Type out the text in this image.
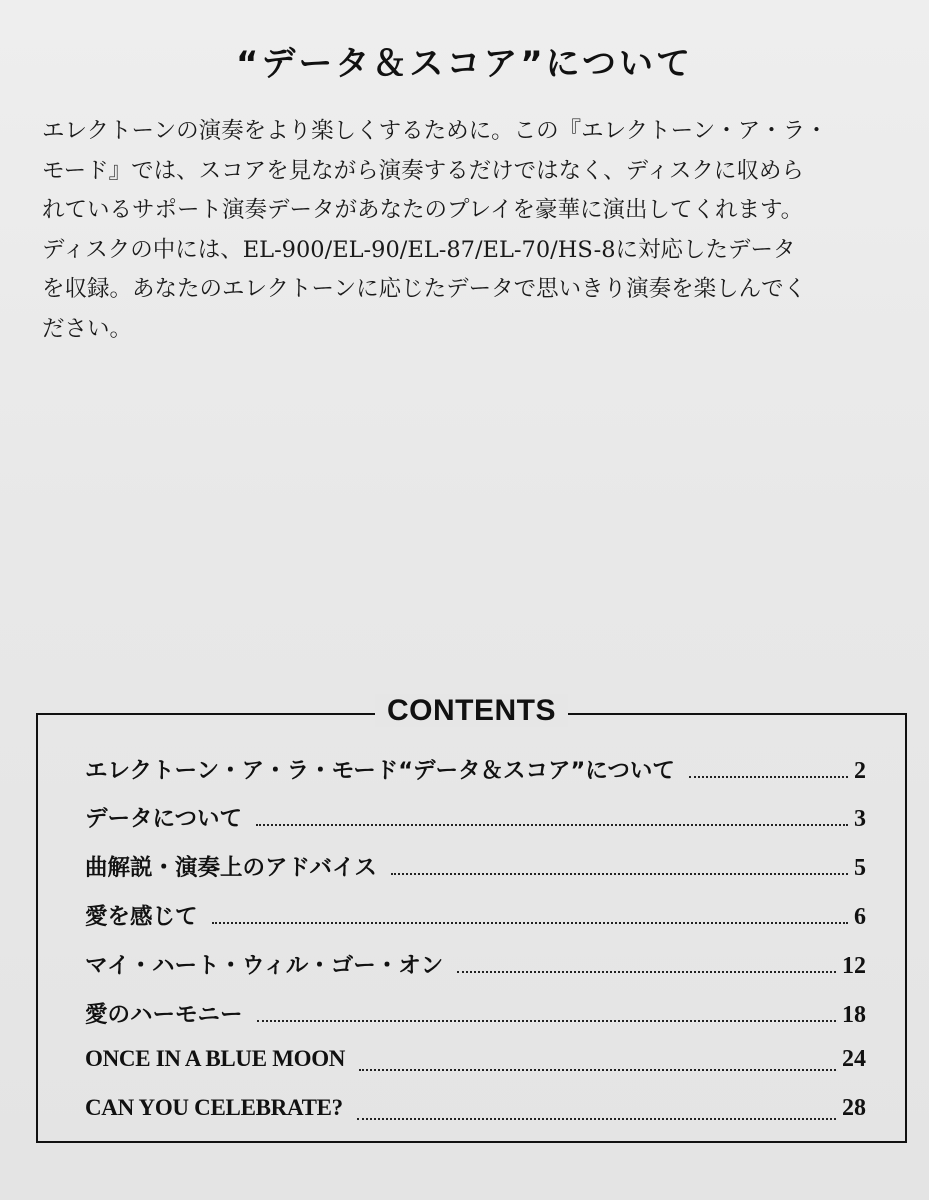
“データ＆スコア”について
エレクトーンの演奏をより楽しくするために。この『エレクトーン・ア・ラ・
モード』では、スコアを見ながら演奏するだけではなく、ディスクに収めら
れているサポート演奏データがあなたのプレイを豪華に演出してくれます。
ディスクの中には、EL-900/EL-90/EL-87/EL-70/HS-8に対応したデータ
を収録。あなたのエレクトーンに応じたデータで思いきり演奏を楽しんでく
ださい。
CONTENTS
エレクトーン・ア・ラ・モード“データ＆スコア”について	2
データについて	3
曲解説・演奏上のアドバイス	5
愛を感じて	6
マイ・ハート・ウィル・ゴー・オン	12
愛のハーモニー	18
ONCE IN A BLUE MOON	24
CAN YOU CELEBRATE?	28
